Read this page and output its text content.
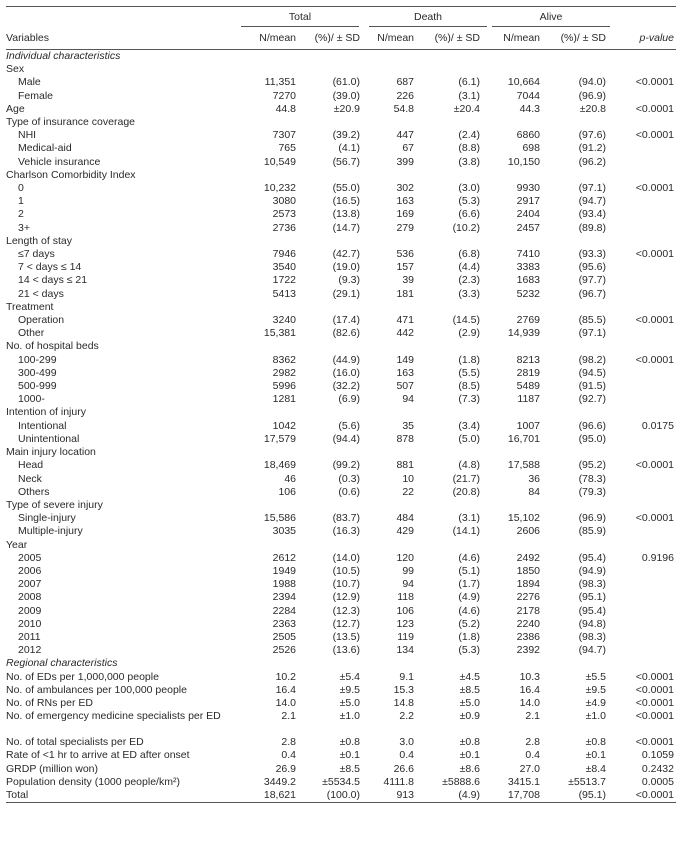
	Total		Death		Alive		
Variables	N/mean	(%)/ ± SD	N/mean	(%)/ ± SD	N/mean	(%)/ ± SD	p-value
Individual characteristics							
Sex							
Male	11,351	(61.0)	687	(6.1)	10,664	(94.0)	<0.0001
Female	7270	(39.0)	226	(3.1)	7044	(96.9)	
Age	44.8	±20.9	54.8	±20.4	44.3	±20.8	<0.0001
Type of insurance coverage							
NHI	7307	(39.2)	447	(2.4)	6860	(97.6)	<0.0001
Medical-aid	765	(4.1)	67	(8.8)	698	(91.2)	
Vehicle insurance	10,549	(56.7)	399	(3.8)	10,150	(96.2)	
Charlson Comorbidity Index							
0	10,232	(55.0)	302	(3.0)	9930	(97.1)	<0.0001
1	3080	(16.5)	163	(5.3)	2917	(94.7)	
2	2573	(13.8)	169	(6.6)	2404	(93.4)	
3+	2736	(14.7)	279	(10.2)	2457	(89.8)	
Length of stay							
≤7 days	7946	(42.7)	536	(6.8)	7410	(93.3)	<0.0001
7 < days ≤ 14	3540	(19.0)	157	(4.4)	3383	(95.6)	
14 < days ≤ 21	1722	(9.3)	39	(2.3)	1683	(97.7)	
21 < days	5413	(29.1)	181	(3.3)	5232	(96.7)	
Treatment							
Operation	3240	(17.4)	471	(14.5)	2769	(85.5)	<0.0001
Other	15,381	(82.6)	442	(2.9)	14,939	(97.1)	
No. of hospital beds							
100-299	8362	(44.9)	149	(1.8)	8213	(98.2)	<0.0001
300-499	2982	(16.0)	163	(5.5)	2819	(94.5)	
500-999	5996	(32.2)	507	(8.5)	5489	(91.5)	
1000-	1281	(6.9)	94	(7.3)	1187	(92.7)	
Intention of injury							
Intentional	1042	(5.6)	35	(3.4)	1007	(96.6)	0.0175
Unintentional	17,579	(94.4)	878	(5.0)	16,701	(95.0)	
Main injury location							
Head	18,469	(99.2)	881	(4.8)	17,588	(95.2)	<0.0001
Neck	46	(0.3)	10	(21.7)	36	(78.3)	
Others	106	(0.6)	22	(20.8)	84	(79.3)	
Type of severe injury							
Single-injury	15,586	(83.7)	484	(3.1)	15,102	(96.9)	<0.0001
Multiple-injury	3035	(16.3)	429	(14.1)	2606	(85.9)	
Year							
2005	2612	(14.0)	120	(4.6)	2492	(95.4)	0.9196
2006	1949	(10.5)	99	(5.1)	1850	(94.9)	
2007	1988	(10.7)	94	(1.7)	1894	(98.3)	
2008	2394	(12.9)	118	(4.9)	2276	(95.1)	
2009	2284	(12.3)	106	(4.6)	2178	(95.4)	
2010	2363	(12.7)	123	(5.2)	2240	(94.8)	
2011	2505	(13.5)	119	(1.8)	2386	(98.3)	
2012	2526	(13.6)	134	(5.3)	2392	(94.7)	
Regional characteristics							
No. of EDs per 1,000,000 people	10.2	±5.4	9.1	±4.5	10.3	±5.5	<0.0001
No. of ambulances per 100,000 people	16.4	±9.5	15.3	±8.5	16.4	±9.5	<0.0001
No. of RNs per ED	14.0	±5.0	14.8	±5.0	14.0	±4.9	<0.0001
No. of emergency medicine specialists per ED	2.1	±1.0	2.2	±0.9	2.1	±1.0	<0.0001
No. of total specialists per ED	2.8	±0.8	3.0	±0.8	2.8	±0.8	<0.0001
Rate of <1 hr to arrive at ED after onset	0.4	±0.1	0.4	±0.1	0.4	±0.1	0.1059
GRDP (million won)	26.9	±8.5	26.6	±8.6	27.0	±8.4	0.2432
Population density (1000 people/km²)	3449.2	±5534.5	4111.8	±5888.6	3415.1	±5513.7	0.0005
Total	18,621	(100.0)	913	(4.9)	17,708	(95.1)	<0.0001
